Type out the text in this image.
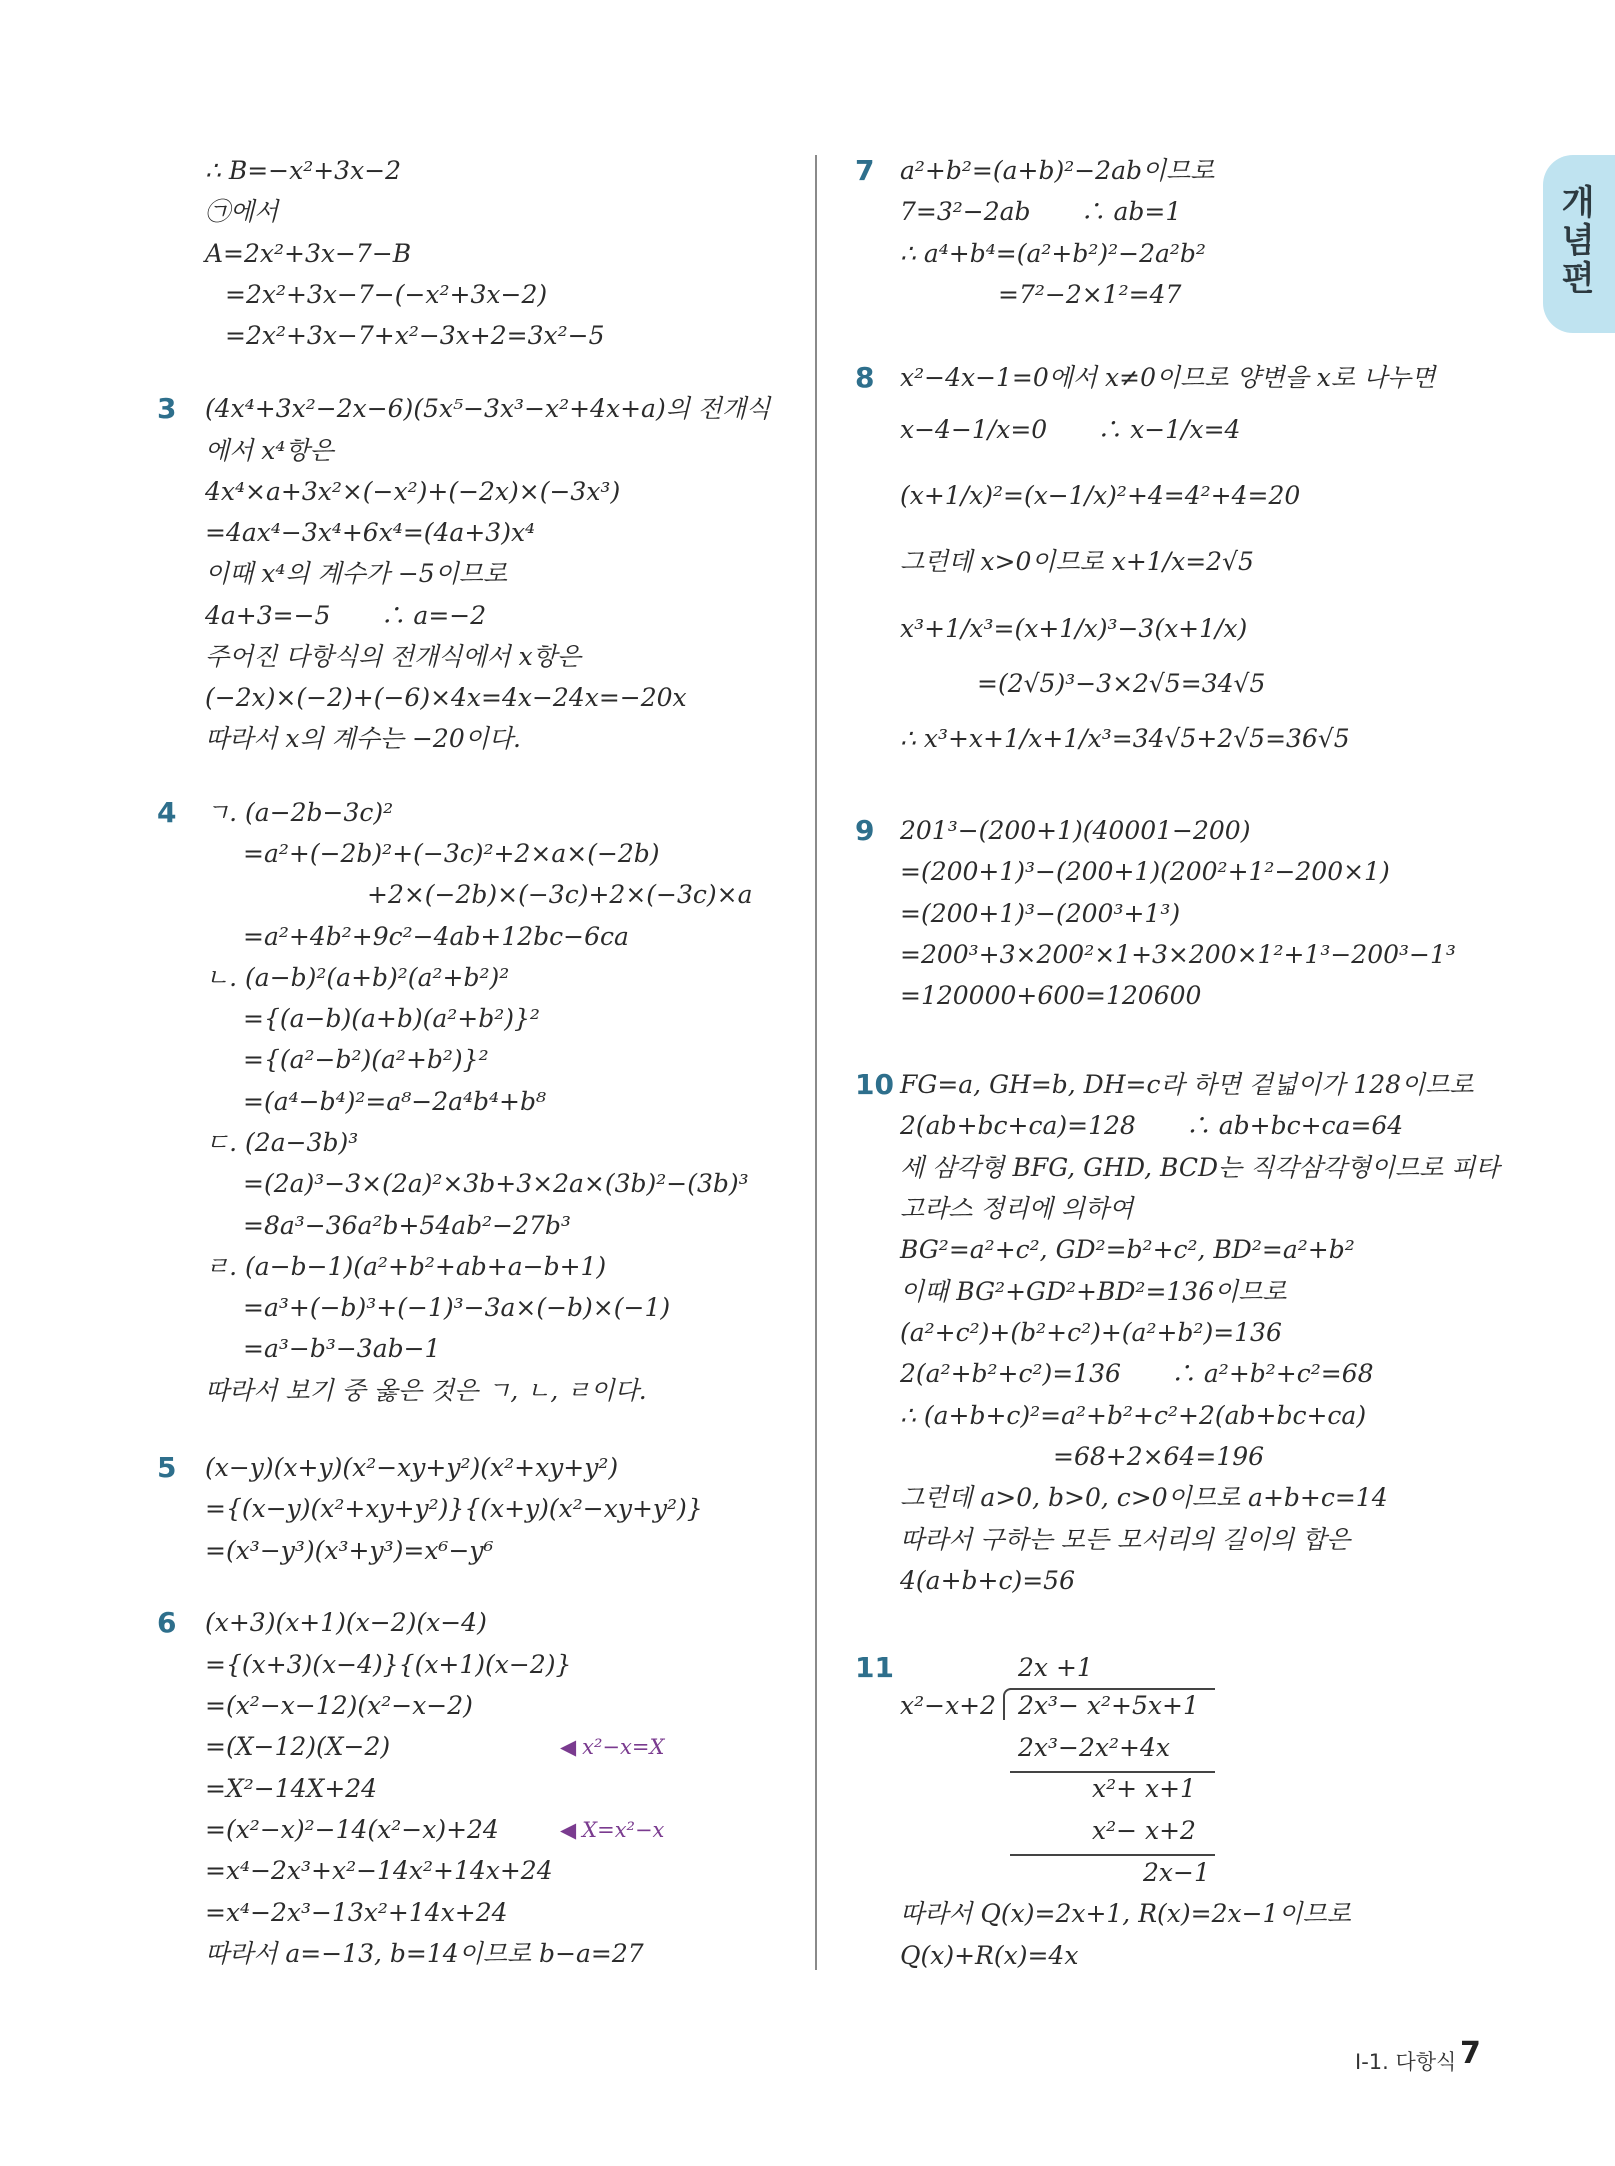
개념편
∴ B=−x²+3x−2
㉠에서
A=2x²+3x−7−B
=2x²+3x−7−(−x²+3x−2)
=2x²+3x−7+x²−3x+2=3x²−5
3 (4x⁴+3x²−2x−6)(5x⁵−3x³−x²+4x+a)의 전개식
에서 x⁴항은
4x⁴×a+3x²×(−x²)+(−2x)×(−3x³)
=4ax⁴−3x⁴+6x⁴=(4a+3)x⁴
이때 x⁴의 계수가 −5이므로
4a+3=−5　　∴ a=−2
주어진 다항식의 전개식에서 x항은
(−2x)×(−2)+(−6)×4x=4x−24x=−20x
따라서 x의 계수는 −20이다.
4 ㄱ. (a−2b−3c)²
=a²+(−2b)²+(−3c)²+2×a×(−2b)
+2×(−2b)×(−3c)+2×(−3c)×a
=a²+4b²+9c²−4ab+12bc−6ca
ㄴ. (a−b)²(a+b)²(a²+b²)²
={(a−b)(a+b)(a²+b²)}²
={(a²−b²)(a²+b²)}²
=(a⁴−b⁴)²=a⁸−2a⁴b⁴+b⁸
ㄷ. (2a−3b)³
=(2a)³−3×(2a)²×3b+3×2a×(3b)²−(3b)³
=8a³−36a²b+54ab²−27b³
ㄹ. (a−b−1)(a²+b²+ab+a−b+1)
=a³+(−b)³+(−1)³−3a×(−b)×(−1)
=a³−b³−3ab−1
따라서 보기 중 옳은 것은 ㄱ, ㄴ, ㄹ이다.
5 (x−y)(x+y)(x²−xy+y²)(x²+xy+y²)
={(x−y)(x²+xy+y²)}{(x+y)(x²−xy+y²)}
=(x³−y³)(x³+y³)=x⁶−y⁶
6 (x+3)(x+1)(x−2)(x−4)
={(x+3)(x−4)}{(x+1)(x−2)}
=(x²−x−12)(x²−x−2)
=(X−12)(X−2)	◀ x²−x=X
=X²−14X+24
=(x²−x)²−14(x²−x)+24	◀ X=x²−x
=x⁴−2x³+x²−14x²+14x+24
=x⁴−2x³−13x²+14x+24
따라서 a=−13, b=14이므로 b−a=27
7 a²+b²=(a+b)²−2ab이므로
7=3²−2ab　　∴ ab=1
∴ a⁴+b⁴=(a²+b²)²−2a²b²
=7²−2×1²=47
8 x²−4x−1=0에서 x≠0이므로 양변을 x로 나누면
x−4−1/x=0　　∴ x−1/x=4
(x+1/x)²=(x−1/x)²+4=4²+4=20
그런데 x>0이므로 x+1/x=2√5
x³+1/x³=(x+1/x)³−3(x+1/x)
=(2√5)³−3×2√5=34√5
∴ x³+x+1/x+1/x³=34√5+2√5=36√5
9 201³−(200+1)(40001−200)
=(200+1)³−(200+1)(200²+1²−200×1)
=(200+1)³−(200³+1³)
=200³+3×200²×1+3×200×1²+1³−200³−1³
=120000+600=120600
10 FG=a, GH=b, DH=c라 하면 겉넓이가 128이므로
2(ab+bc+ca)=128　　∴ ab+bc+ca=64
세 삼각형 BFG, GHD, BCD는 직각삼각형이므로 피타
고라스 정리에 의하여
BG²=a²+c², GD²=b²+c², BD²=a²+b²
이때 BG²+GD²+BD²=136이므로
(a²+c²)+(b²+c²)+(a²+b²)=136
2(a²+b²+c²)=136　　∴ a²+b²+c²=68
∴ (a+b+c)²=a²+b²+c²+2(ab+bc+ca)
=68+2×64=196
그런데 a>0, b>0, c>0이므로 a+b+c=14
따라서 구하는 모든 모서리의 길이의 합은
4(a+b+c)=56
11	2x +1
x²−x+2 2x³− x²+5x+1
2x³−2x²+4x
x²+ x+1
x²− x+2
2x−1
따라서 Q(x)=2x+1, R(x)=2x−1이므로
Q(x)+R(x)=4x
Ⅰ-1. 다항식 7
